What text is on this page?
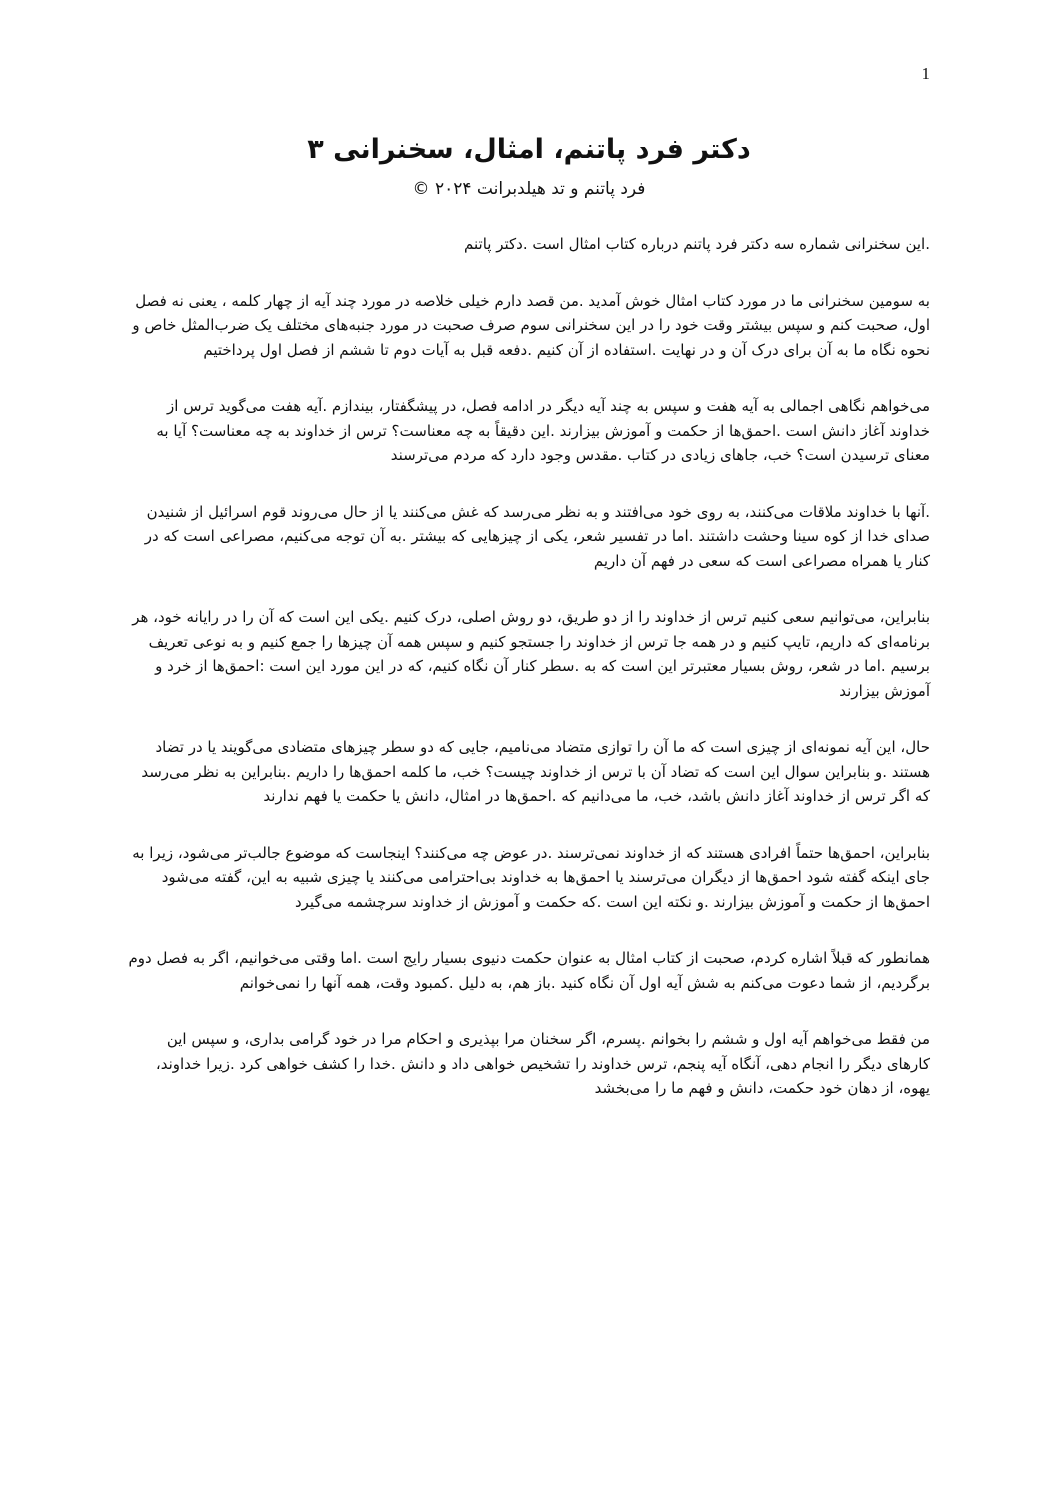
1
دکتر فرد پاتنم، امثال، سخنرانی ۳

فرد پاتنم و تد هیلدبرانت ۲۰۲۴ ©

.این سخنرانی شماره سه دکتر فرد پاتنم درباره کتاب امثال است .دکتر پاتنم

به سومین سخنرانی ما در مورد کتاب امثال خوش آمدید .من قصد دارم خیلی خلاصه در مورد چند آیه از چهار کلمه ، یعنی نه فصل اول، صحبت کنم و سپس بیشتر وقت خود را در این سخنرانی سوم صرف صحبت در مورد جنبه‌های مختلف یک ضرب‌المثل خاص و نحوه نگاه ما به آن برای درک آن و در نهایت .استفاده از آن کنیم .دفعه قبل به آیات دوم تا ششم از فصل اول پرداختیم

می‌خواهم نگاهی اجمالی به آیه هفت و سپس به چند آیه دیگر در ادامه فصل، در پیشگفتار، بیندازم .آیه هفت می‌گوید ترس از خداوند آغاز دانش است .احمق‌ها از حکمت و آموزش بیزارند .این دقیقاً به چه معناست؟ ترس از خداوند به چه معناست؟ آیا به معنای ترسیدن است؟ خب، جاهای زیادی در کتاب .مقدس وجود دارد که مردم می‌ترسند

.آنها با خداوند ملاقات می‌کنند، به روی خود می‌افتند و به نظر می‌رسد که غش می‌کنند یا از حال می‌روند قوم اسرائیل از شنیدن صدای خدا از کوه سینا وحشت داشتند .اما در تفسیر شعر، یکی از چیزهایی که بیشتر .به آن توجه می‌کنیم، مصراعی است که در کنار یا همراه مصراعی است که سعی در فهم آن داریم

بنابراین، می‌توانیم سعی کنیم ترس از خداوند را از دو طریق، دو روش اصلی، درک کنیم .یکی این است که آن را در رایانه خود، هر برنامه‌ای که داریم، تایپ کنیم و در همه جا ترس از خداوند را جستجو کنیم و سپس همه آن چیزها را جمع کنیم و به نوعی تعریف برسیم .اما در شعر، روش بسیار معتبرتر این است که به .سطر کنار آن نگاه کنیم، که در این مورد این است :احمق‌ها از خرد و آموزش بیزارند

حال، این آیه نمونه‌ای از چیزی است که ما آن را توازی متضاد می‌نامیم، جایی که دو سطر چیزهای متضادی می‌گویند یا در تضاد هستند .و بنابراین سوال این است که تضاد آن با ترس از خداوند چیست؟ خب، ما کلمه احمق‌ها را داریم .بنابراین به نظر می‌رسد که اگر ترس از خداوند آغاز دانش باشد، خب، ما می‌دانیم که .احمق‌ها در امثال، دانش یا حکمت یا فهم ندارند

بنابراین، احمق‌ها حتماً افرادی هستند که از خداوند نمی‌ترسند .در عوض چه می‌کنند؟ اینجاست که موضوع جالب‌تر می‌شود، زیرا به جای اینکه گفته شود احمق‌ها از دیگران می‌ترسند یا احمق‌ها به خداوند بی‌احترامی می‌کنند یا چیزی شبیه به این، گفته می‌شود احمق‌ها از حکمت و آموزش بیزارند .و نکته این است .که حکمت و آموزش از خداوند سرچشمه می‌گیرد

همانطور که قبلاً اشاره کردم، صحبت از کتاب امثال به عنوان حکمت دنیوی بسیار رایج است .اما وقتی می‌خوانیم، اگر به فصل دوم برگردیم، از شما دعوت می‌کنم به شش آیه اول آن نگاه کنید .باز هم، به دلیل .کمبود وقت، همه آنها را نمی‌خوانم

من فقط می‌خواهم آیه اول و ششم را بخوانم .پسرم، اگر سخنان مرا بپذیری و احکام مرا در خود گرامی بداری، و سپس این کارهای دیگر را انجام دهی، آنگاه آیه پنجم، ترس خداوند را تشخیص خواهی داد و دانش .خدا را کشف خواهی کرد .زیرا خداوند، یهوه، از دهان خود حکمت، دانش و فهم ما را می‌بخشد
